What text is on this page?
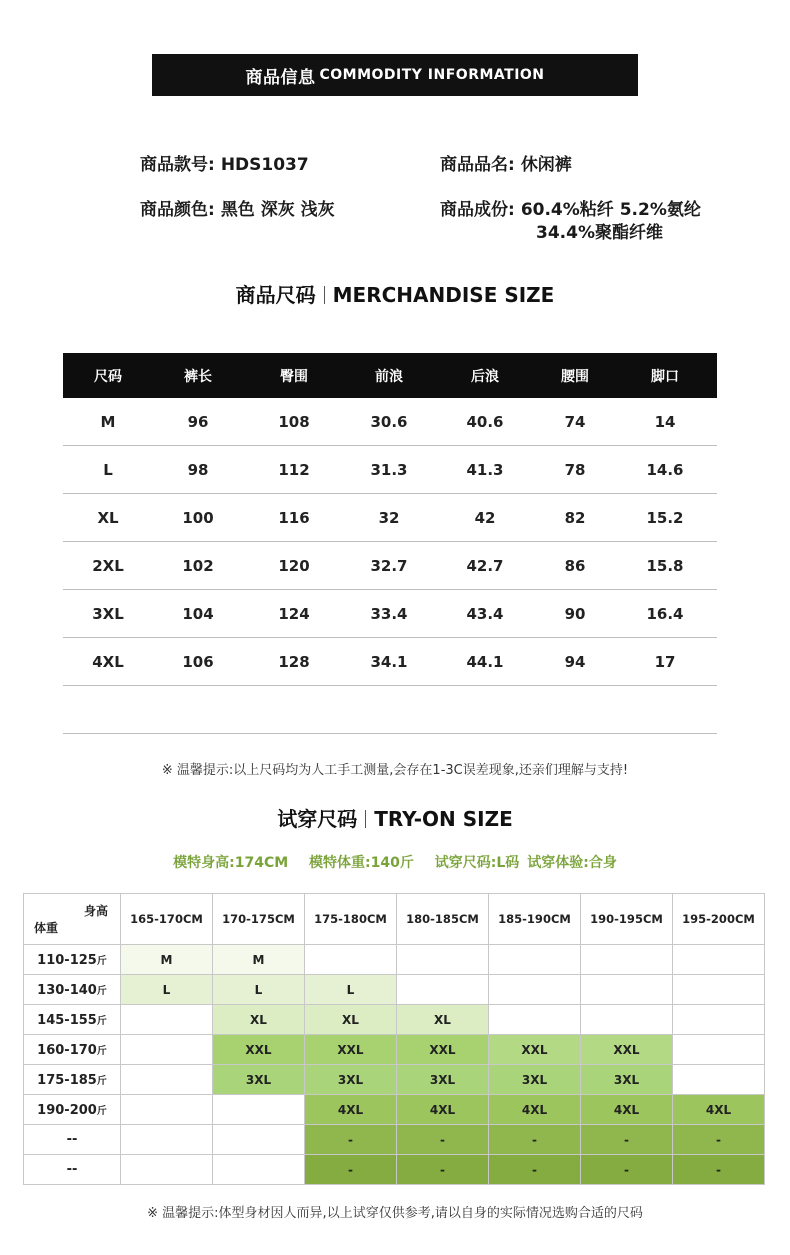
商品信息 COMMODITY INFORMATION
商品款号: HDS1037	商品品名: 休闲裤
商品颜色: 黑色 深灰 浅灰	商品成份: 60.4%粘纤 5.2%氨纶
34.4%聚酯纤维
商品尺码 MERCHANDISE SIZE
尺码	裤长	臀围	前浪	后浪	腰围	脚口
M	96	108	30.6	40.6	74	14
L	98	112	31.3	41.3	78	14.6
XL	100	116	32	42	82	15.2
2XL	102	120	32.7	42.7	86	15.8
3XL	104	124	33.4	43.4	90	16.4
4XL	106	128	34.1	44.1	94	17
※ 温馨提示:以上尺码均为人工手工测量,会存在1-3C误差现象,还亲们理解与支持!
试穿尺码 TRY-ON SIZE
模特身高:174CM 模特体重:140斤 试穿尺码:L码 试穿体验:合身
身高
体重	165-170CM	170-175CM	175-180CM	180-185CM	185-190CM	190-195CM	195-200CM
110-125斤	M	M					
130-140斤	L	L	L				
145-155斤		XL	XL	XL			
160-170斤		XXL	XXL	XXL	XXL	XXL	
175-185斤		3XL	3XL	3XL	3XL	3XL	
190-200斤			4XL	4XL	4XL	4XL	4XL
--			-	-	-	-	-
--			-	-	-	-	-
※ 温馨提示:体型身材因人而异,以上试穿仅供参考,请以自身的实际情况选购合适的尺码
